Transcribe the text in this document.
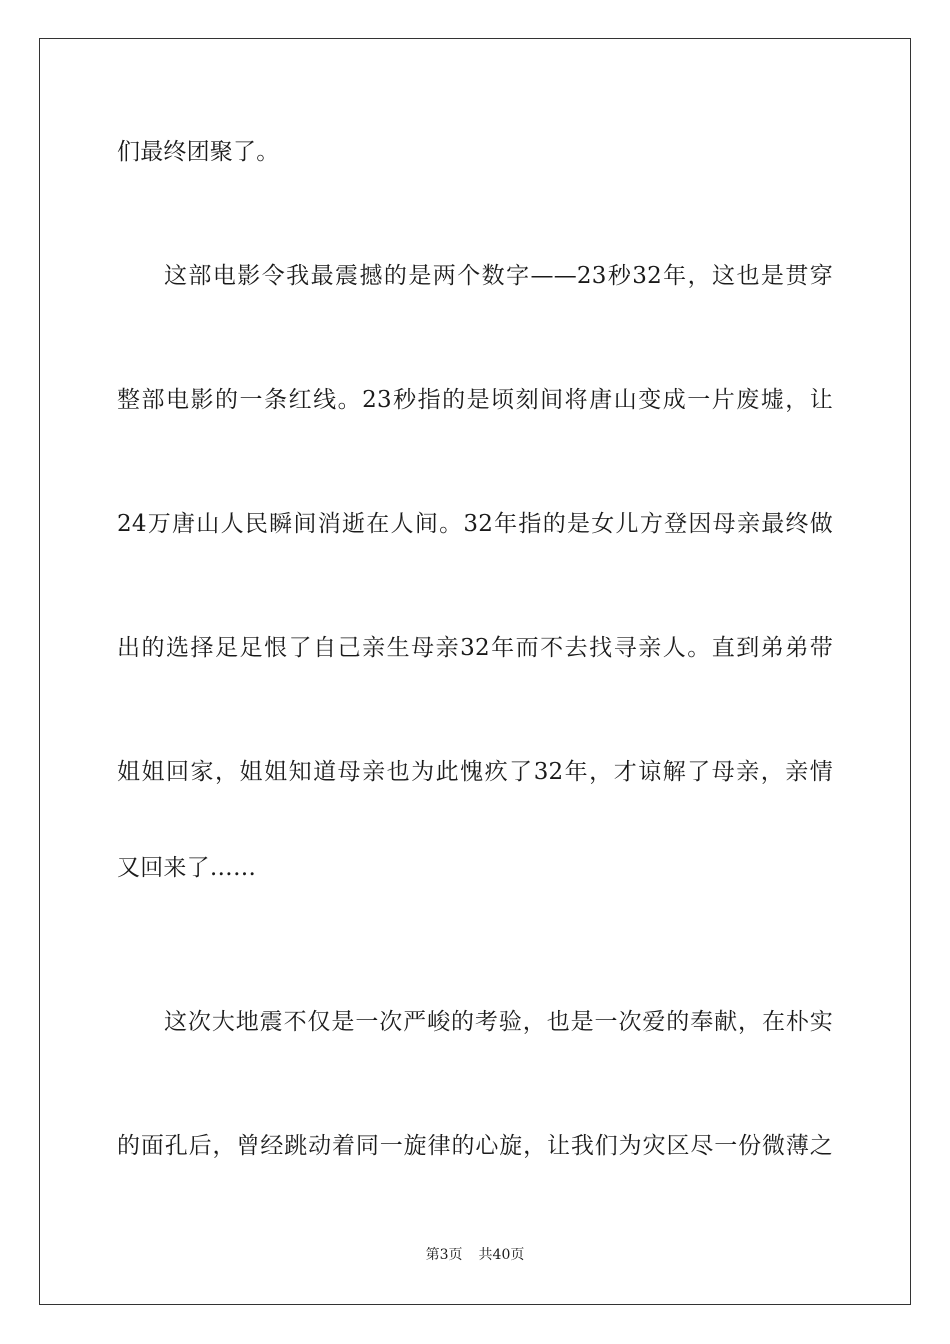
们最终团聚了。
这部电影令我最震撼的是两个数字——23秒32年，这也是贯穿
整部电影的一条红线。23秒指的是顷刻间将唐山变成一片废墟，让
24万唐山人民瞬间消逝在人间。32年指的是女儿方登因母亲最终做
出的选择足足恨了自己亲生母亲32年而不去找寻亲人。直到弟弟带
姐姐回家，姐姐知道母亲也为此愧疚了32年，才谅解了母亲，亲情
又回来了……
这次大地震不仅是一次严峻的考验，也是一次爱的奉献，在朴实
的面孔后，曾经跳动着同一旋律的心旋，让我们为灾区尽一份微薄之
第3页 共40页
